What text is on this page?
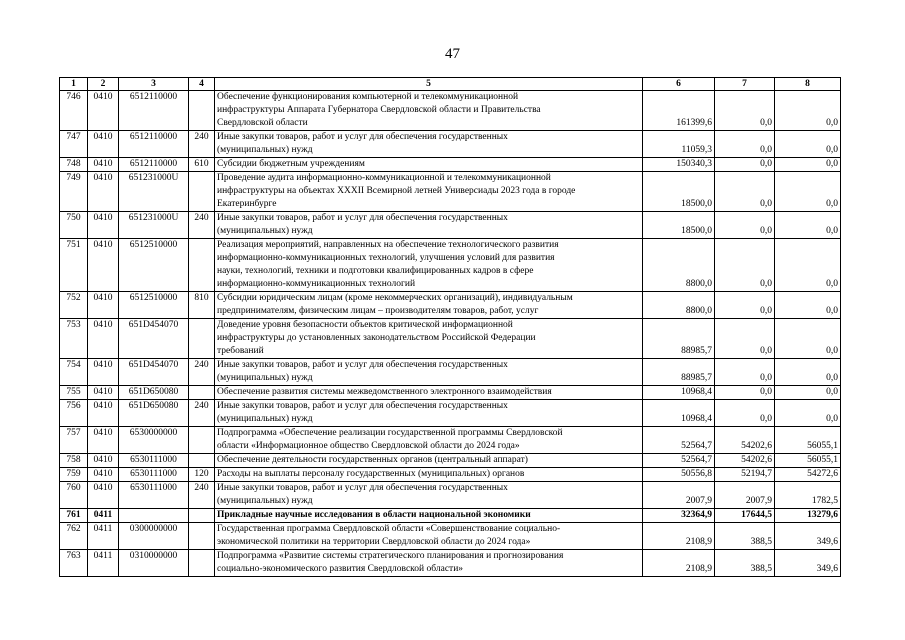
47
1	2	3	4	5	6	7	8
746	0410	6512110000		Обеспечение функционирования компьютерной и телекоммуникационной
инфраструктуры Аппарата Губернатора Свердловской области и Правительства
Свердловской области	161399,6	0,0	0,0
747	0410	6512110000	240	Иные закупки товаров, работ и услуг для обеспечения государственных
(муниципальных) нужд	11059,3	0,0	0,0
748	0410	6512110000	610	Субсидии бюджетным учреждениям	150340,3	0,0	0,0
749	0410	651231000U		Проведение аудита информационно-коммуникационной и телекоммуникационной
инфраструктуры на объектах XXXII Всемирной летней Универсиады 2023 года в городе
Екатеринбурге	18500,0	0,0	0,0
750	0410	651231000U	240	Иные закупки товаров, работ и услуг для обеспечения государственных
(муниципальных) нужд	18500,0	0,0	0,0
751	0410	6512510000		Реализация мероприятий, направленных на обеспечение технологического развития
информационно-коммуникационных технологий, улучшения условий для развития
науки, технологий, техники и подготовки квалифицированных кадров в сфере
информационно-коммуникационных технологий	8800,0	0,0	0,0
752	0410	6512510000	810	Субсидии юридическим лицам (кроме некоммерческих организаций), индивидуальным
предпринимателям, физическим лицам – производителям товаров, работ, услуг	8800,0	0,0	0,0
753	0410	651D454070		Доведение уровня безопасности объектов критической информационной
инфраструктуры до установленных законодательством Российской Федерации
требований	88985,7	0,0	0,0
754	0410	651D454070	240	Иные закупки товаров, работ и услуг для обеспечения государственных
(муниципальных) нужд	88985,7	0,0	0,0
755	0410	651D650080		Обеспечение развития системы межведомственного электронного взаимодействия	10968,4	0,0	0,0
756	0410	651D650080	240	Иные закупки товаров, работ и услуг для обеспечения государственных
(муниципальных) нужд	10968,4	0,0	0,0
757	0410	6530000000		Подпрограмма «Обеспечение реализации государственной программы Свердловской
области «Информационное общество Свердловской области до 2024 года»	52564,7	54202,6	56055,1
758	0410	6530111000		Обеспечение деятельности государственных органов (центральный аппарат)	52564,7	54202,6	56055,1
759	0410	6530111000	120	Расходы на выплаты персоналу государственных (муниципальных) органов	50556,8	52194,7	54272,6
760	0410	6530111000	240	Иные закупки товаров, работ и услуг для обеспечения государственных
(муниципальных) нужд	2007,9	2007,9	1782,5
761	0411			Прикладные научные исследования в области национальной экономики	32364,9	17644,5	13279,6
762	0411	0300000000		Государственная программа Свердловской области «Совершенствование социально-
экономической политики на территории Свердловской области до 2024 года»	2108,9	388,5	349,6
763	0411	0310000000		Подпрограмма «Развитие системы стратегического планирования и прогнозирования
социально-экономического развития Свердловской области»	2108,9	388,5	349,6
